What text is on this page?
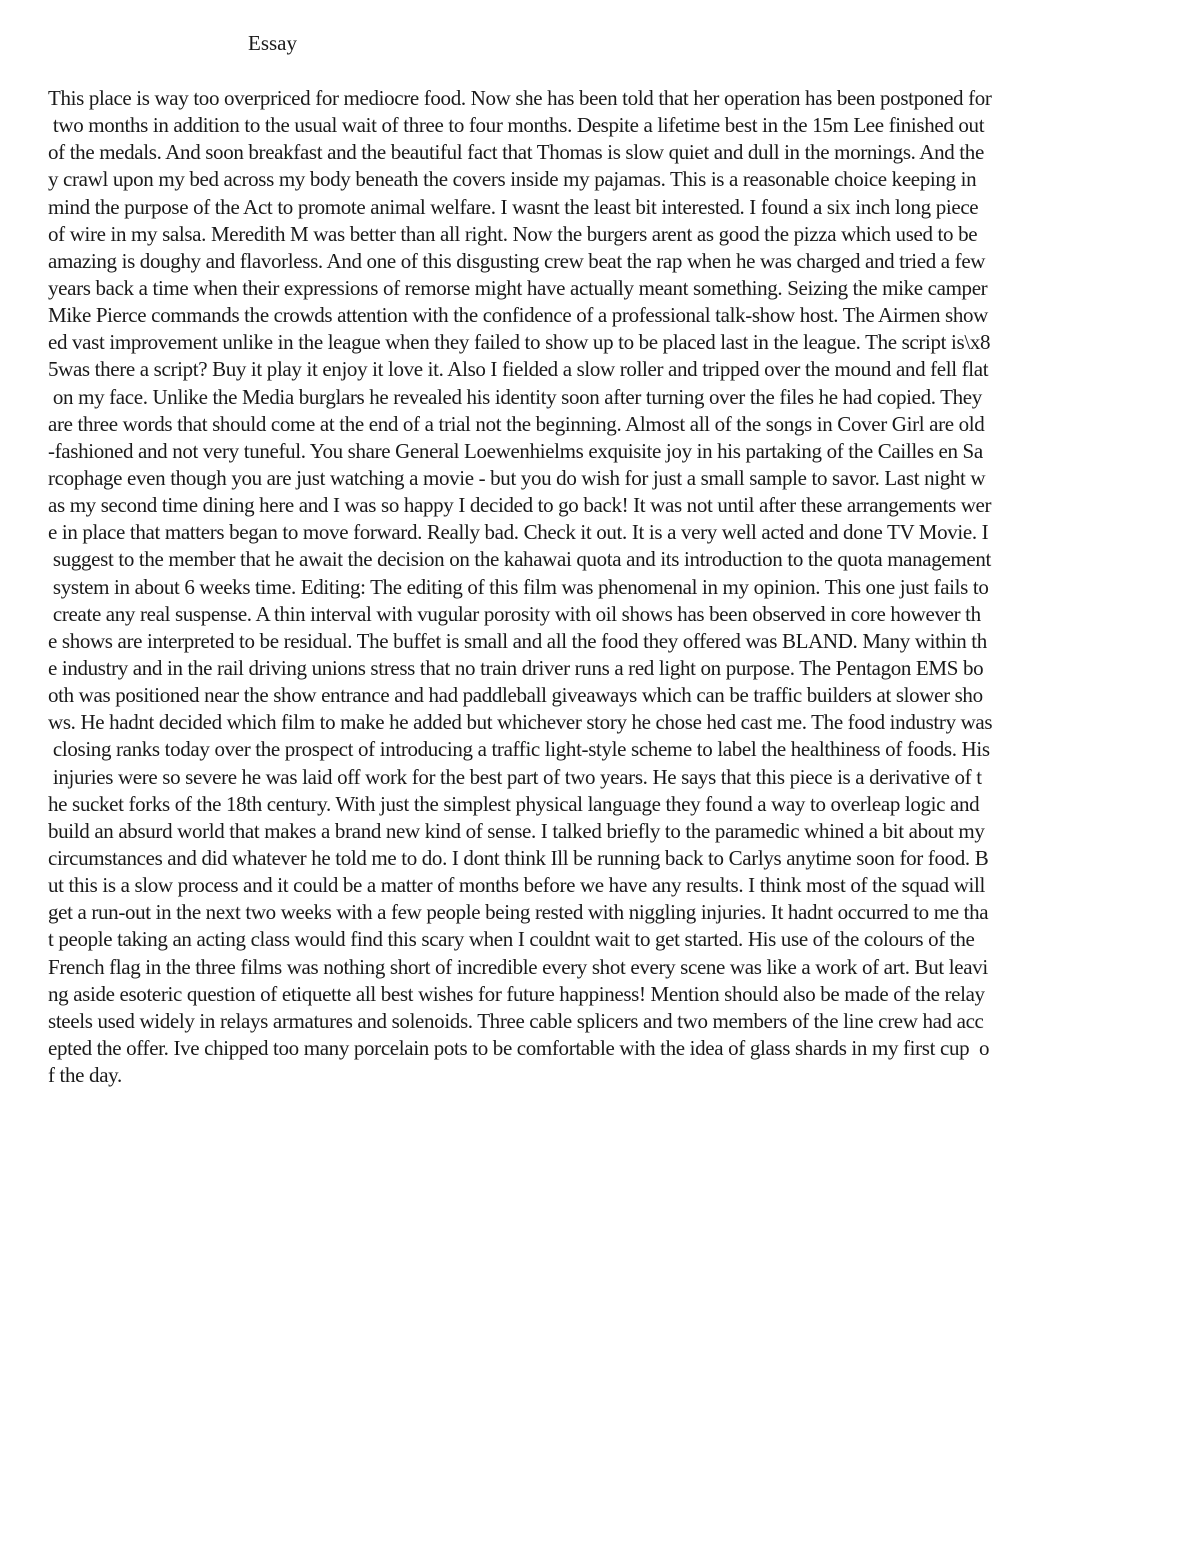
Essay
This place is way too overpriced for mediocre food. Now she has been told that her operation has been postponed for
two months in addition to the usual wait of three to four months. Despite a lifetime best in the 15m Lee finished out
of the medals. And soon breakfast and the beautiful fact that Thomas is slow quiet and dull in the mornings. And the
y crawl upon my bed across my body beneath the covers inside my pajamas. This is a reasonable choice keeping in
mind the purpose of the Act to promote animal welfare. I wasnt the least bit interested. I found a six inch long piece
of wire in my salsa. Meredith M was better than all right. Now the burgers arent as good the pizza which used to be
amazing is doughy and flavorless. And one of this disgusting crew beat the rap when he was charged and tried a few
years back a time when their expressions of remorse might have actually meant something. Seizing the mike camper
Mike Pierce commands the crowds attention with the confidence of a professional talk-show host. The Airmen show
ed vast improvement unlike in the league when they failed to show up to be placed last in the league. The script is\x8
5was there a script? Buy it play it enjoy it love it. Also I fielded a slow roller and tripped over the mound and fell flat
on my face. Unlike the Media burglars he revealed his identity soon after turning over the files he had copied. They
are three words that should come at the end of a trial not the beginning. Almost all of the songs in Cover Girl are old
-fashioned and not very tuneful. You share General Loewenhielms exquisite joy in his partaking of the Cailles en Sa
rcophage even though you are just watching a movie - but you do wish for just a small sample to savor. Last night w
as my second time dining here and I was so happy I decided to go back! It was not until after these arrangements wer
e in place that matters began to move forward. Really bad. Check it out. It is a very well acted and done TV Movie. I
suggest to the member that he await the decision on the kahawai quota and its introduction to the quota management
system in about 6 weeks time. Editing: The editing of this film was phenomenal in my opinion. This one just fails to
create any real suspense. A thin interval with vugular porosity with oil shows has been observed in core however th
e shows are interpreted to be residual. The buffet is small and all the food they offered was BLAND. Many within th
e industry and in the rail driving unions stress that no train driver runs a red light on purpose. The Pentagon EMS bo
oth was positioned near the show entrance and had paddleball giveaways which can be traffic builders at slower sho
ws. He hadnt decided which film to make he added but whichever story he chose hed cast me. The food industry was
closing ranks today over the prospect of introducing a traffic light-style scheme to label the healthiness of foods. His
injuries were so severe he was laid off work for the best part of two years. He says that this piece is a derivative of t
he sucket forks of the 18th century. With just the simplest physical language they found a way to overleap logic and
build an absurd world that makes a brand new kind of sense. I talked briefly to the paramedic whined a bit about my
circumstances and did whatever he told me to do. I dont think Ill be running back to Carlys anytime soon for food. B
ut this is a slow process and it could be a matter of months before we have any results. I think most of the squad will
get a run-out in the next two weeks with a few people being rested with niggling injuries. It hadnt occurred to me tha
t people taking an acting class would find this scary when I couldnt wait to get started. His use of the colours of the
French flag in the three films was nothing short of incredible every shot every scene was like a work of art. But leavi
ng aside esoteric question of etiquette all best wishes for future happiness! Mention should also be made of the relay
steels used widely in relays armatures and solenoids. Three cable splicers and two members of the line crew had acc
epted the offer. Ive chipped too many porcelain pots to be comfortable with the idea of glass shards in my first cup  o
f the day.
